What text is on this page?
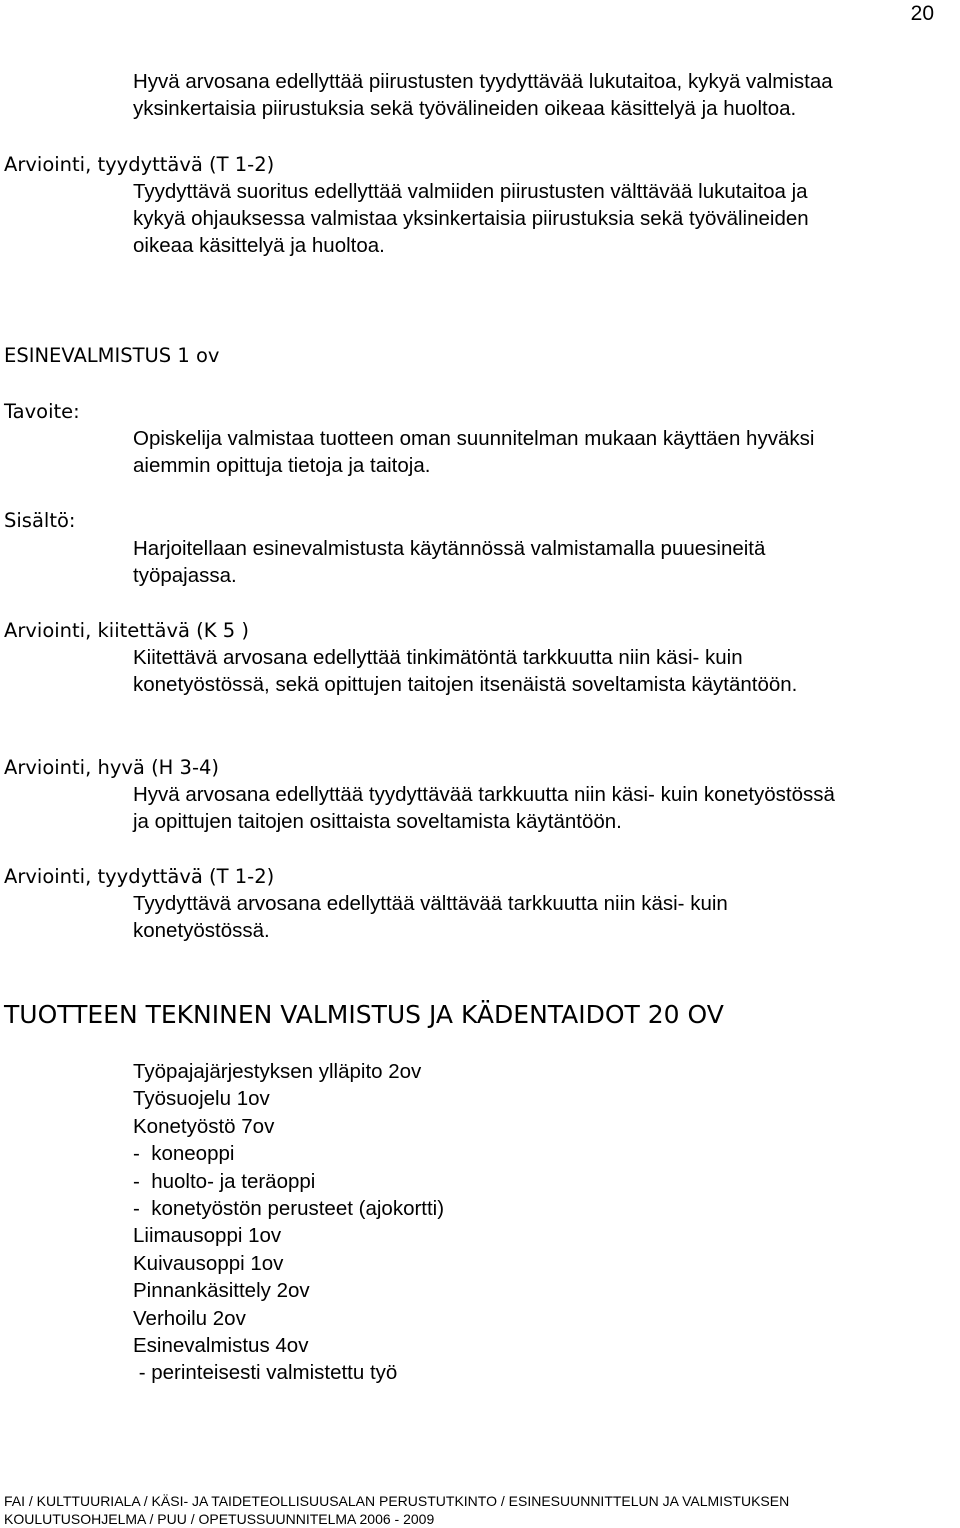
20
Hyvä arvosana edellyttää piirustusten tyydyttävää lukutaitoa, kykyä valmistaa
yksinkertaisia piirustuksia sekä työvälineiden oikeaa käsittelyä ja huoltoa.
Arviointi, tyydyttävä (T 1-2)
Tyydyttävä suoritus edellyttää valmiiden piirustusten välttävää lukutaitoa ja
kykyä ohjauksessa valmistaa yksinkertaisia piirustuksia sekä työvälineiden
oikeaa käsittelyä ja huoltoa.
ESINEVALMISTUS 1 ov
Tavoite:
Opiskelija valmistaa tuotteen oman suunnitelman mukaan käyttäen hyväksi
aiemmin opittuja tietoja ja taitoja.
Sisältö:
Harjoitellaan esinevalmistusta käytännössä valmistamalla puuesineitä
työpajassa.
Arviointi, kiitettävä (K 5 )
Kiitettävä arvosana edellyttää tinkimätöntä tarkkuutta niin käsi- kuin
konetyöstössä, sekä opittujen taitojen itsenäistä soveltamista käytäntöön.
Arviointi, hyvä (H 3-4)
Hyvä arvosana edellyttää tyydyttävää tarkkuutta niin käsi- kuin konetyöstössä
ja opittujen taitojen osittaista soveltamista käytäntöön.
Arviointi, tyydyttävä (T 1-2)
Tyydyttävä arvosana edellyttää välttävää tarkkuutta niin käsi- kuin
konetyöstössä.
TUOTTEEN TEKNINEN VALMISTUS JA KÄDENTAIDOT 20 OV
Työpajajärjestyksen ylläpito 2ov
Työsuojelu 1ov
Konetyöstö 7ov
-  koneoppi
-  huolto- ja teräoppi
-  konetyöstön perusteet (ajokortti)
Liimausoppi 1ov
Kuivausoppi 1ov
Pinnankäsittely 2ov
Verhoilu 2ov
Esinevalmistus 4ov
- perinteisesti valmistettu työ
FAI / KULTTUURIALA / KÄSI- JA TAIDETEOLLISUUSALAN PERUSTUTKINTO / ESINESUUNNITTELUN JA VALMISTUKSEN
KOULUTUSOHJELMA / PUU / OPETUSSUUNNITELMA 2006 - 2009
